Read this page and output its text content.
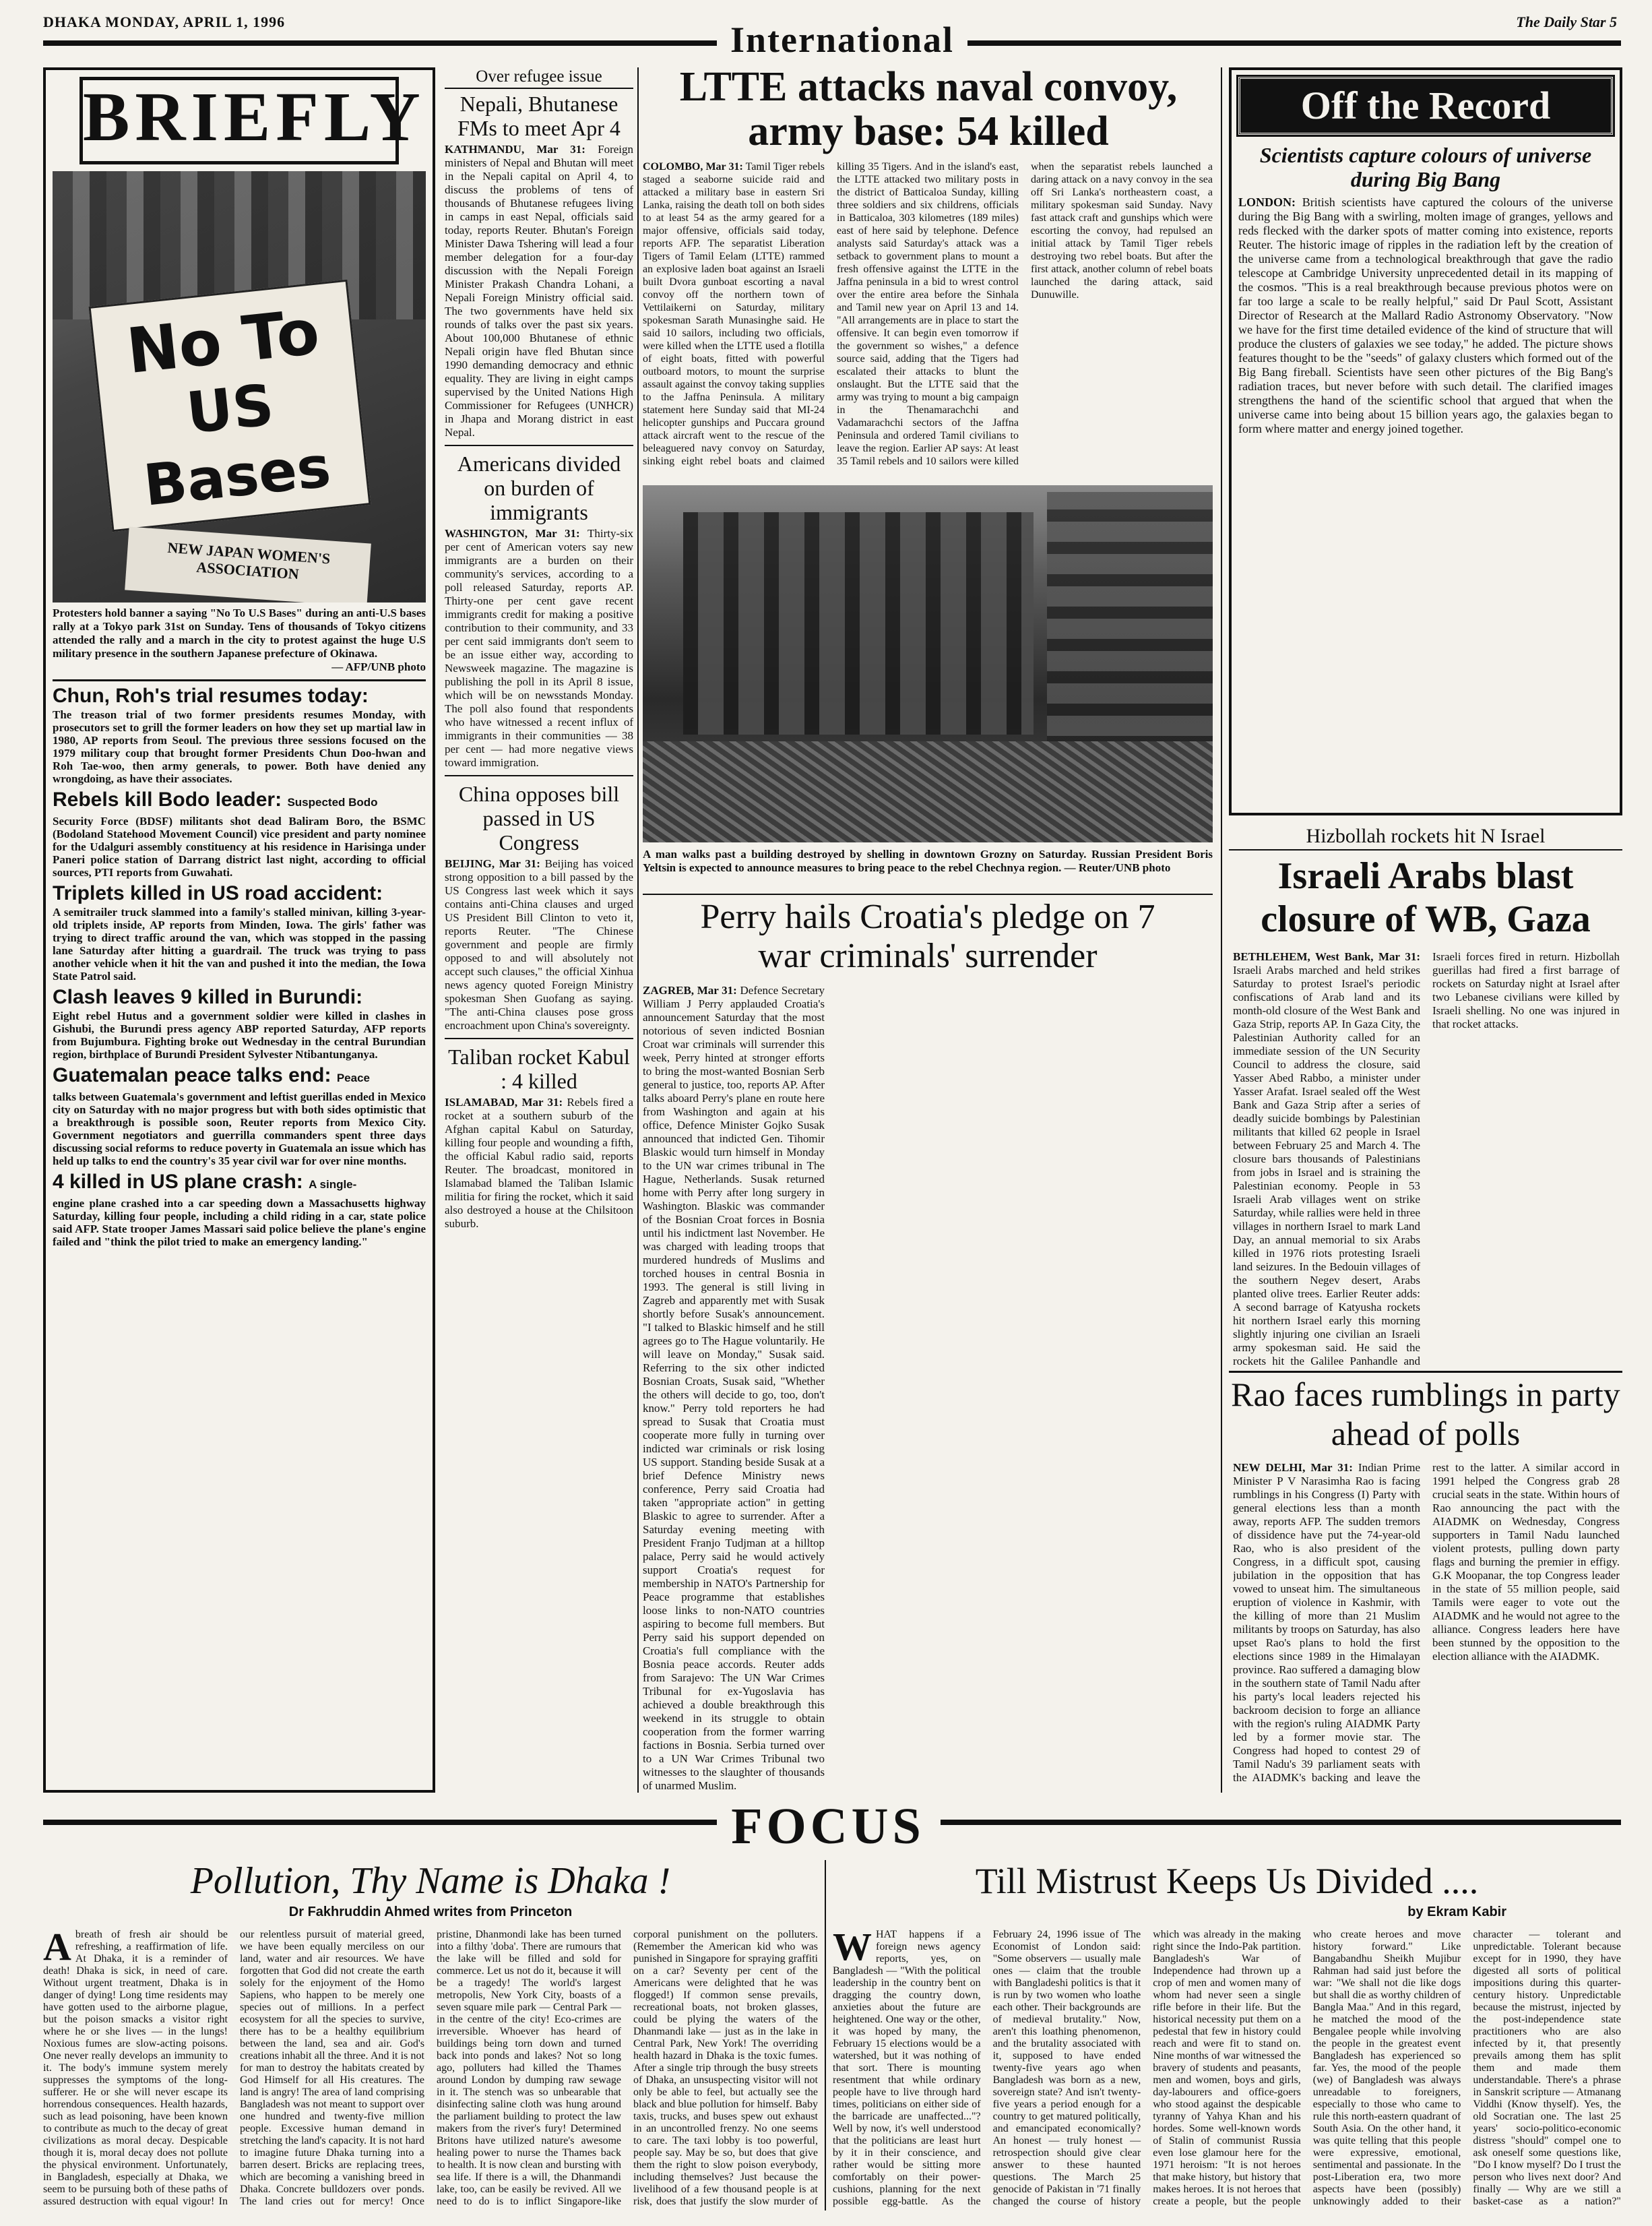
DHAKA MONDAY, APRIL 1, 1996	International	The Daily Star 5
BRIEFLY
No To
US Bases
NEW JAPAN WOMEN'S ASSOCIATION
Protesters hold banner a saying "No To U.S Bases" during an anti-U.S bases rally at a Tokyo park 31st on Sunday. Tens of thousands of Tokyo citizens attended the rally and a march in the city to protest against the huge U.S military presence in the southern Japanese prefecture of Okinawa.
— AFP/UNB photo
Chun, Roh's trial resumes today:
The treason trial of two former presidents resumes Monday, with prosecutors set to grill the former leaders on how they set up martial law in 1980, AP reports from Seoul. The previous three sessions focused on the 1979 military coup that brought former Presidents Chun Doo-hwan and Roh Tae-woo, then army generals, to power. Both have denied any wrongdoing, as have their associates.
Rebels kill Bodo leader: Suspected Bodo
Security Force (BDSF) militants shot dead Baliram Boro, the BSMC (Bodoland Statehood Movement Council) vice president and party nominee for the Udalguri assembly constituency at his residence in Harisinga under Paneri police station of Darrang district last night, according to official sources, PTI reports from Guwahati.
Triplets killed in US road accident:
A semitrailer truck slammed into a family's stalled minivan, killing 3-year-old triplets inside, AP reports from Minden, Iowa. The girls' father was trying to direct traffic around the van, which was stopped in the passing lane Saturday after hitting a guardrail. The truck was trying to pass another vehicle when it hit the van and pushed it into the median, the Iowa State Patrol said.
Clash leaves 9 killed in Burundi:
Eight rebel Hutus and a government soldier were killed in clashes in Gishubi, the Burundi press agency ABP reported Saturday, AFP reports from Bujumbura. Fighting broke out Wednesday in the central Burundian region, birthplace of Burundi President Sylvester Ntibantunganya.
Guatemalan peace talks end: Peace
talks between Guatemala's government and leftist guerillas ended in Mexico city on Saturday with no major progress but with both sides optimistic that a breakthrough is possible soon, Reuter reports from Mexico City. Government negotiators and guerrilla commanders spent three days discussing social reforms to reduce poverty in Guatemala an issue which has held up talks to end the country's 35 year civil war for over nine months.
4 killed in US plane crash: A single-
engine plane crashed into a car speeding down a Massachusetts highway Saturday, killing four people, including a child riding in a car, state police said AFP. State trooper James Massari said police believe the plane's engine failed and "think the pilot tried to make an emergency landing."
Over refugee issue
Nepali, Bhutanese FMs to meet Apr 4
KATHMANDU, Mar 31: Foreign ministers of Nepal and Bhutan will meet in the Nepali capital on April 4, to discuss the problems of tens of thousands of Bhutanese refugees living in camps in east Nepal, officials said today, reports Reuter. Bhutan's Foreign Minister Dawa Tshering will lead a four member delegation for a four-day discussion with the Nepali Foreign Minister Prakash Chandra Lohani, a Nepali Foreign Ministry official said. The two governments have held six rounds of talks over the past six years. About 100,000 Bhutanese of ethnic Nepali origin have fled Bhutan since 1990 demanding democracy and ethnic equality. They are living in eight camps supervised by the United Nations High Commissioner for Refugees (UNHCR) in Jhapa and Morang district in east Nepal.
Americans divided on burden of immigrants
WASHINGTON, Mar 31: Thirty-six per cent of American voters say new immigrants are a burden on their community's services, according to a poll released Saturday, reports AP. Thirty-one per cent gave recent immigrants credit for making a positive contribution to their community, and 33 per cent said immigrants don't seem to be an issue either way, according to Newsweek magazine. The magazine is publishing the poll in its April 8 issue, which will be on newsstands Monday. The poll also found that respondents who have witnessed a recent influx of immigrants in their communities — 38 per cent — had more negative views toward immigration.
China opposes bill passed in US Congress
BEIJING, Mar 31: Beijing has voiced strong opposition to a bill passed by the US Congress last week which it says contains anti-China clauses and urged US President Bill Clinton to veto it, reports Reuter. "The Chinese government and people are firmly opposed to and will absolutely not accept such clauses," the official Xinhua news agency quoted Foreign Ministry spokesman Shen Guofang as saying. "The anti-China clauses pose gross encroachment upon China's sovereignty.
Taliban rocket Kabul : 4 killed
ISLAMABAD, Mar 31: Rebels fired a rocket at a southern suburb of the Afghan capital Kabul on Saturday, killing four people and wounding a fifth, the official Kabul radio said, reports Reuter. The broadcast, monitored in Islamabad blamed the Taliban Islamic militia for firing the rocket, which it said also destroyed a house at the Chilsitoon suburb.
LTTE attacks naval convoy, army base: 54 killed
COLOMBO, Mar 31: Tamil Tiger rebels staged a seaborne suicide raid and attacked a military base in eastern Sri Lanka, raising the death toll on both sides to at least 54 as the army geared for a major offensive, officials said today, reports AFP. The separatist Liberation Tigers of Tamil Eelam (LTTE) rammed an explosive laden boat against an Israeli built Dvora gunboat escorting a naval convoy off the northern town of Vettilaikerni on Saturday, military spokesman Sarath Munasinghe said. He said 10 sailors, including two officials, were killed when the LTTE used a flotilla of eight boats, fitted with powerful outboard motors, to mount the surprise assault against the convoy taking supplies to the Jaffna Peninsula. A military statement here Sunday said that MI-24 helicopter gunships and Puccara ground attack aircraft went to the rescue of the beleaguered navy convoy on Saturday, sinking eight rebel boats and claimed killing 35 Tigers. And in the island's east, the LTTE attacked two military posts in the district of Batticaloa Sunday, killing three soldiers and six childrens, officials in Batticaloa, 303 kilometres (189 miles) east of here said by telephone. Defence analysts said Saturday's attack was a setback to government plans to mount a fresh offensive against the LTTE in the Jaffna peninsula in a bid to wrest control over the entire area before the Sinhala and Tamil new year on April 13 and 14. "All arrangements are in place to start the offensive. It can begin even tomorrow if the government so wishes," a defence source said, adding that the Tigers had escalated their attacks to blunt the onslaught. But the LTTE said that the army was trying to mount a big campaign in the Thenamarachchi and Vadamarachchi sectors of the Jaffna Peninsula and ordered Tamil civilians to leave the region. Earlier AP says: At least 35 Tamil rebels and 10 sailors were killed when the separatist rebels launched a daring attack on a navy convoy in the sea off Sri Lanka's northeastern coast, a military spokesman said Sunday. Navy fast attack craft and gunships which were escorting the convoy, had repulsed an initial attack by Tamil Tiger rebels destroying two rebel boats. But after the first attack, another column of rebel boats launched the daring attack, said Dunuwille.
A man walks past a building destroyed by shelling in downtown Grozny on Saturday. Russian President Boris Yeltsin is expected to announce measures to bring peace to the rebel Chechnya region. — Reuter/UNB photo
Perry hails Croatia's pledge on 7 war criminals' surrender
ZAGREB, Mar 31: Defence Secretary William J Perry applauded Croatia's announcement Saturday that the most notorious of seven indicted Bosnian Croat war criminals will surrender this week, Perry hinted at stronger efforts to bring the most-wanted Bosnian Serb general to justice, too, reports AP. After talks aboard Perry's plane en route here from Washington and again at his office, Defence Minister Gojko Susak announced that indicted Gen. Tihomir Blaskic would turn himself in Monday to the UN war crimes tribunal in The Hague, Netherlands. Susak returned home with Perry after long surgery in Washington. Blaskic was commander of the Bosnian Croat forces in Bosnia until his indictment last November. He was charged with leading troops that murdered hundreds of Muslims and torched houses in central Bosnia in 1993. The general is still living in Zagreb and apparently met with Susak shortly before Susak's announcement. "I talked to Blaskic himself and he still agrees go to The Hague voluntarily. He will leave on Monday," Susak said. Referring to the six other indicted Bosnian Croats, Susak said, "Whether the others will decide to go, too, don't know." Perry told reporters he had spread to Susak that Croatia must cooperate more fully in turning over indicted war criminals or risk losing US support. Standing beside Susak at a brief Defence Ministry news conference, Perry said Croatia had taken "appropriate action" in getting Blaskic to agree to surrender. After a Saturday evening meeting with President Franjo Tudjman at a hilltop palace, Perry said he would actively support Croatia's request for membership in NATO's Partnership for Peace programme that establishes loose links to non-NATO countries aspiring to become full members. But Perry said his support depended on Croatia's full compliance with the Bosnia peace accords. Reuter adds from Sarajevo: The UN War Crimes Tribunal for ex-Yugoslavia has achieved a double breakthrough this weekend in its struggle to obtain cooperation from the former warring factions in Bosnia. Serbia turned over to a UN War Crimes Tribunal two witnesses to the slaughter of thousands of unarmed Muslim.
Off the Record
Scientists capture colours of universe during Big Bang
LONDON: British scientists have captured the colours of the universe during the Big Bang with a swirling, molten image of granges, yellows and reds flecked with the darker spots of matter coming into existence, reports Reuter. The historic image of ripples in the radiation left by the creation of the universe came from a technological breakthrough that gave the radio telescope at Cambridge University unprecedented detail in its mapping of the cosmos. "This is a real breakthrough because previous photos were on far too large a scale to be really helpful," said Dr Paul Scott, Assistant Director of Research at the Mallard Radio Astronomy Observatory. "Now we have for the first time detailed evidence of the kind of structure that will produce the clusters of galaxies we see today," he added. The picture shows features thought to be the "seeds" of galaxy clusters which formed out of the Big Bang fireball. Scientists have seen other pictures of the Big Bang's radiation traces, but never before with such detail. The clarified images strengthens the hand of the scientific school that argued that when the universe came into being about 15 billion years ago, the galaxies began to form where matter and energy joined together.
Hizbollah rockets hit N Israel
Israeli Arabs blast closure of WB, Gaza
BETHLEHEM, West Bank, Mar 31: Israeli Arabs marched and held strikes Saturday to protest Israel's periodic confiscations of Arab land and its month-old closure of the West Bank and Gaza Strip, reports AP. In Gaza City, the Palestinian Authority called for an immediate session of the UN Security Council to address the closure, said Yasser Abed Rabbo, a minister under Yasser Arafat. Israel sealed off the West Bank and Gaza Strip after a series of deadly suicide bombings by Palestinian militants that killed 62 people in Israel between February 25 and March 4. The closure bars thousands of Palestinians from jobs in Israel and is straining the Palestinian economy. People in 53 Israeli Arab villages went on strike Saturday, while rallies were held in three villages in northern Israel to mark Land Day, an annual memorial to six Arabs killed in 1976 riots protesting Israeli land seizures. In the Bedouin villages of the southern Negev desert, Arabs planted olive trees. Earlier Reuter adds: A second barrage of Katyusha rockets hit northern Israel early this morning slightly injuring one civilian an Israeli army spokesman said. He said the rockets hit the Galilee Panhandle and Israeli forces fired in return. Hizbollah guerillas had fired a first barrage of rockets on Saturday night at Israel after two Lebanese civilians were killed by Israeli shelling. No one was injured in that rocket attacks.
Rao faces rumblings in party ahead of polls
NEW DELHI, Mar 31: Indian Prime Minister P V Narasimha Rao is facing rumblings in his Congress (I) Party with general elections less than a month away, reports AFP. The sudden tremors of dissidence have put the 74-year-old Rao, who is also president of the Congress, in a difficult spot, causing jubilation in the opposition that has vowed to unseat him. The simultaneous eruption of violence in Kashmir, with the killing of more than 21 Muslim militants by troops on Saturday, has also upset Rao's plans to hold the first elections since 1989 in the Himalayan province. Rao suffered a damaging blow in the southern state of Tamil Nadu after his party's local leaders rejected his backroom decision to forge an alliance with the region's ruling AIADMK Party led by a former movie star. The Congress had hoped to contest 29 of Tamil Nadu's 39 parliament seats with the AIADMK's backing and leave the rest to the latter. A similar accord in 1991 helped the Congress grab 28 crucial seats in the state. Within hours of Rao announcing the pact with the AIADMK on Wednesday, Congress supporters in Tamil Nadu launched violent protests, pulling down party flags and burning the premier in effigy. G.K Moopanar, the top Congress leader in the state of 55 million people, said Tamils were eager to vote out the AIADMK and he would not agree to the alliance. Congress leaders here have been stunned by the opposition to the election alliance with the AIADMK.
FOCUS
Pollution, Thy Name is Dhaka !
Dr Fakhruddin Ahmed writes from Princeton
Abreath of fresh air should be refreshing, a reaffirmation of life. At Dhaka, it is a reminder of death! Dhaka is sick, in need of care. Without urgent treatment, Dhaka is in danger of dying! Long time residents may have gotten used to the airborne plague, but the poison smacks a visitor right where he or she lives — in the lungs! Noxious fumes are slow-acting poisons. One never really develops an immunity to it. The body's immune system merely suppresses the symptoms of the long-sufferer. He or she will never escape its horrendous consequences. Health hazards, such as lead poisoning, have been known to contribute as much to the decay of great civilizations as moral decay. Despicable though it is, moral decay does not pollute the physical environment. Unfortunately, in Bangladesh, especially at Dhaka, we seem to be pursuing both of these paths of assured destruction with equal vigour! In our relentless pursuit of material greed, we have been equally merciless on our land, water and air resources. We have forgotten that God did not create the earth solely for the enjoyment of the Homo Sapiens, who happen to be merely one species out of millions. In a perfect ecosystem for all the species to survive, there has to be a healthy equilibrium between the land, sea and air. God's creations inhabit all the three. And it is not for man to destroy the habitats created by God Himself for all His creatures. The land is angry! The area of land comprising Bangladesh was not meant to support over one hundred and twenty-five million people. Excessive human demand in stretching the land's capacity. It is not hard to imagine future Dhaka turning into a barren desert. Bricks are replacing trees, which are becoming a vanishing breed in Dhaka. Concrete bulldozers over ponds. The land cries out for mercy! Once pristine, Dhanmondi lake has been turned into a filthy 'doba'. There are rumours that the lake will be filled and sold for commerce. Let us not do it, because it will be a tragedy! The world's largest metropolis, New York City, boasts of a seven square mile park — Central Park — in the centre of the city! Eco-crimes are irreversible. Whoever has heard of buildings being torn down and turned back into ponds and lakes? Not so long ago, polluters had killed the Thames around London by dumping raw sewage in it. The stench was so unbearable that disinfecting saline cloth was hung around the parliament building to protect the law makers from the river's fury! Determined Britons have utilized nature's awesome healing power to nurse the Thames back to health. It is now clean and bursting with sea life. If there is a will, the Dhanmandi lake, too, can be easily be revived. All we need to do is to inflict Singapore-like corporal punishment on the polluters. (Remember the American kid who was punished in Singapore for spraying graffiti on a car? Seventy per cent of the Americans were delighted that he was flogged!) If common sense prevails, recreational boats, not broken glasses, could be plying the waters of the Dhanmandi lake — just as in the lake in Central Park, New York! The overriding health hazard in Dhaka is the toxic fumes. After a single trip through the busy streets of Dhaka, an unsuspecting visitor will not only be able to feel, but actually see the black and blue pollution for himself. Baby taxis, trucks, and buses spew out exhaust in an uncontrolled frenzy. No one seems to care. The taxi lobby is too powerful, people say. May be so, but does that give them the right to slow poison everybody, including themselves? Just because the livelihood of a few thousand people is at risk, does that justify the slow murder of
Till Mistrust Keeps Us Divided ....
by Ekram Kabir
WHAT happens if a foreign news agency reports, yes, on Bangladesh — "With the political leadership in the country bent on dragging the country down, anxieties about the future are heightened. One way or the other, it was hoped by many, the February 15 elections would be a watershed, but it was nothing of that sort. There is mounting resentment that while ordinary people have to live through hard times, politicians on either side of the barricade are unaffected..."? Well by now, it's well understood that the politicians are least hurt by it in their conscience, and rather would be sitting more comfortably on their power-cushions, planning for the next possible egg-battle. As the February 24, 1996 issue of The Economist of London said: "Some observers — usually male ones — claim that the trouble with Bangladeshi politics is that it is run by two women who loathe each other. Their backgrounds are of medieval brutality." Now, aren't this loathing phenomenon, and the brutality associated with it, supposed to have ended twenty-five years ago when Bangladesh was born as a new, sovereign state? And isn't twenty-five years a period enough for a country to get matured politically, and emancipated economically? An honest — truly honest — retrospection should give clear answer to these haunted questions. The March 25 genocide of Pakistan in '71 finally changed the course of history which was already in the making right since the Indo-Pak partition. Bangladesh's War of Independence had thrown up a crop of men and women many of whom had never seen a single rifle before in their life. But the historical necessity put them on a pedestal that few in history could reach and were fit to stand on. Nine months of war witnessed the bravery of students and peasants, men and women, boys and girls, day-labourers and office-goers who stood against the despicable tyranny of Yahya Khan and his hordes. Some well-known words of Stalin of communist Russia even lose glamour here for the 1971 heroism: "It is not heroes that make history, but history that makes heroes. It is not heroes that create a people, but the people who create heroes and move history forward." Like Bangabandhu Sheikh Mujibur Rahman had said just before the war: "We shall not die like dogs but shall die as worthy children of Bangla Maa." And in this regard, he matched the mood of the Bengalee people while involving the people in the greatest event Bangladesh has experienced so far. Yes, the mood of the people (we) of Bangladesh was always unreadable to foreigners, especially to those who came to rule this north-eastern quadrant of South Asia. On the other hand, it was quite telling that this people were expressive, emotional, sentimental and passionate. In the post-Liberation era, two more aspects have been (possibly) unknowingly added to their character — tolerant and unpredictable. Tolerant because except for in 1990, they have digested all sorts of political impositions during this quarter-century history. Unpredictable because the mistrust, injected by the post-independence state practitioners who are also infected by it, that presently prevails among them has split them and made them understandable. There's a phrase in Sanskrit scripture — Atmanang Viddhi (Know thyself). Yes, the old Socratian one. The last 25 years' socio-politico-economic distress "should" compel one to ask oneself some questions like, "Do I know myself? Do I trust the person who lives next door? And finally — Why are we still a basket-case as a nation?"
